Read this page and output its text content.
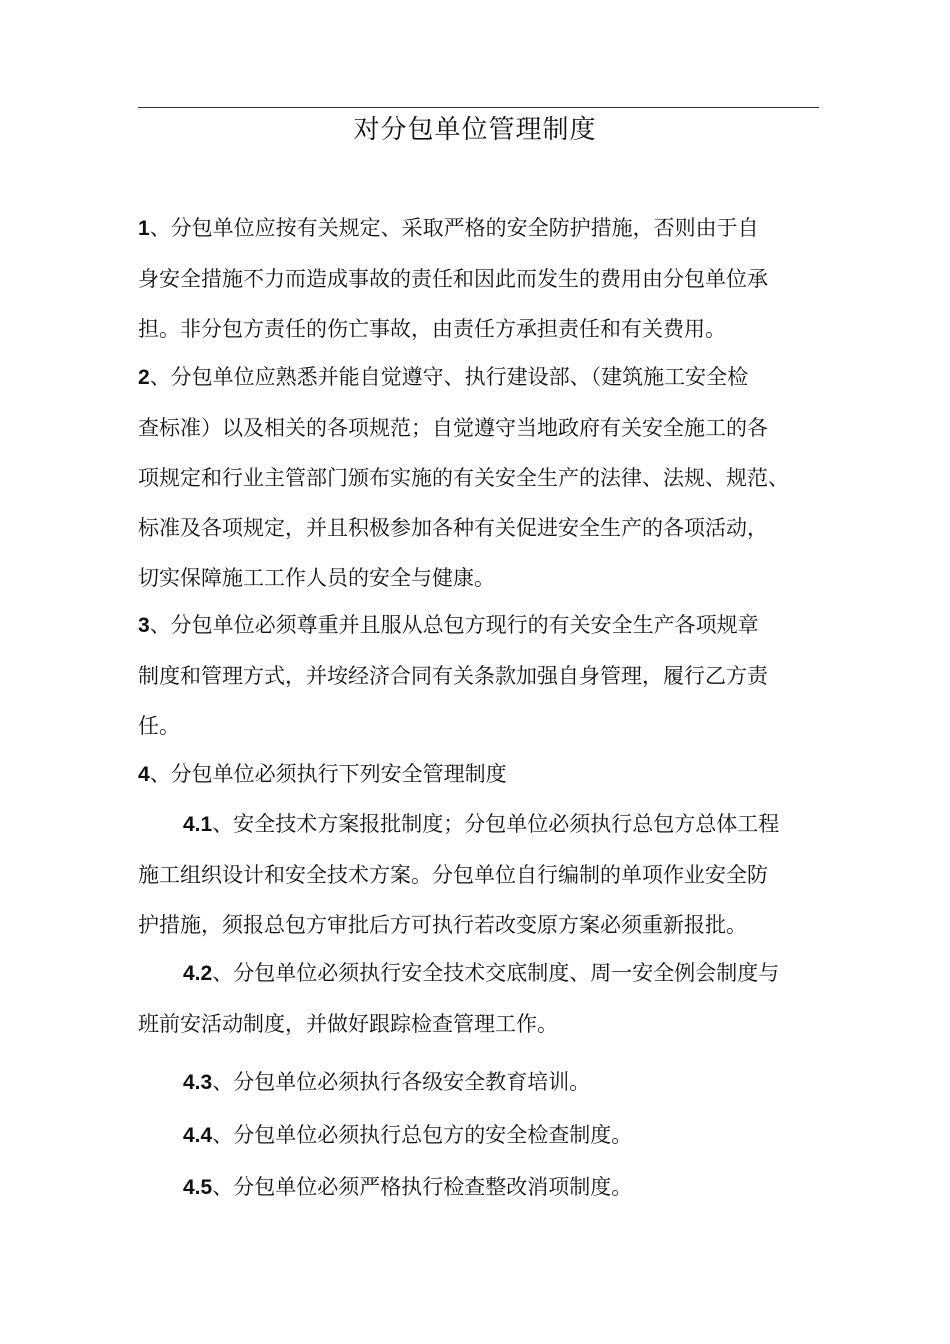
对分包单位管理制度
1、分包单位应按有关规定、采取严格的安全防护措施，否则由于自
身安全措施不力而造成事故的责任和因此而发生的费用由分包单位承
担。非分包方责任的伤亡事故，由责任方承担责任和有关费用。
2、分包单位应熟悉并能自觉遵守、执行建设部、（建筑施工安全检
查标准）以及相关的各项规范；自觉遵守当地政府有关安全施工的各
项规定和行业主管部门颁布实施的有关安全生产的法律、法规、规范、
标准及各项规定，并且积极参加各种有关促进安全生产的各项活动，
切实保障施工工作人员的安全与健康。
3、分包单位必须尊重并且服从总包方现行的有关安全生产各项规章
制度和管理方式，并垵经济合同有关条款加强自身管理，履行乙方责
任。
4、分包单位必须执行下列安全管理制度
4.1、安全技术方案报批制度；分包单位必须执行总包方总体工程
施工组织设计和安全技术方案。分包单位自行编制的单项作业安全防
护措施，须报总包方审批后方可执行若改变原方案必须重新报批。
4.2、分包单位必须执行安全技术交底制度、周一安全例会制度与
班前安活动制度，并做好跟踪检查管理工作。
4.3、分包单位必须执行各级安全教育培训。
4.4、分包单位必须执行总包方的安全检查制度。
4.5、分包单位必须严格执行检查整改消项制度。
